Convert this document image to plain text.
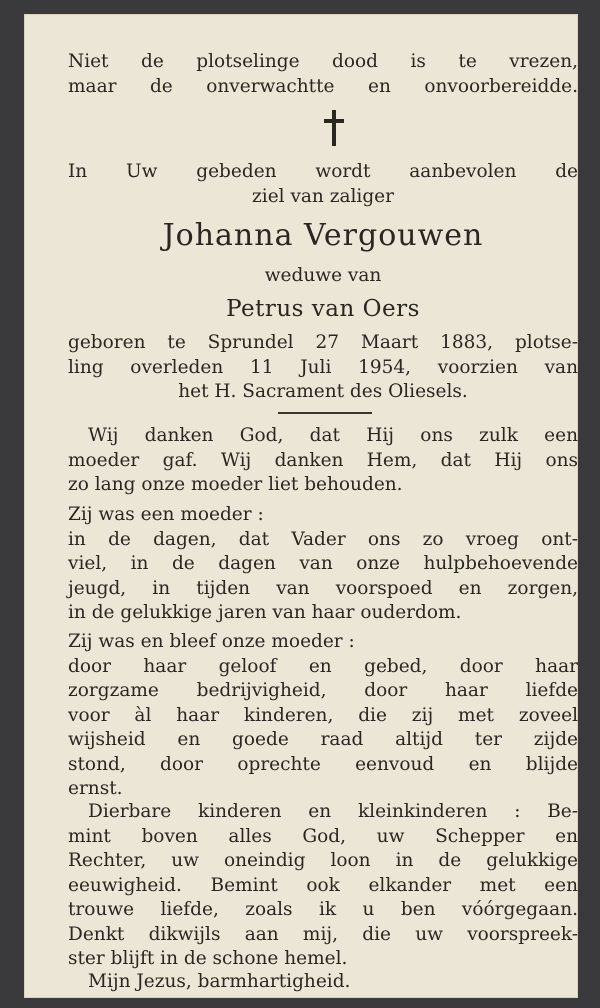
Niet de plotselinge dood is te vrezen,
maar de onverwachtte en onvoorbereidde.
In Uw gebeden wordt aanbevolen de
ziel van zaliger
Johanna Vergouwen
weduwe van
Petrus van Oers
geboren te Sprundel 27 Maart 1883, plotse-
ling overleden 11 Juli 1954, voorzien van
het H. Sacrament des Oliesels.
Wij danken God, dat Hij ons zulk een
moeder gaf. Wij danken Hem, dat Hij ons
zo lang onze moeder liet behouden.
Zij was een moeder :
in de dagen, dat Vader ons zo vroeg ont-
viel, in de dagen van onze hulpbehoevende
jeugd, in tijden van voorspoed en zorgen,
in de gelukkige jaren van haar ouderdom.
Zij was en bleef onze moeder :
door haar geloof en gebed, door haar
zorgzame bedrijvigheid, door haar liefde
voor àl haar kinderen, die zij met zoveel
wijsheid en goede raad altijd ter zijde
stond, door oprechte eenvoud en blijde
ernst.
Dierbare kinderen en kleinkinderen : Be-
mint boven alles God, uw Schepper en
Rechter, uw oneindig loon in de gelukkige
eeuwigheid. Bemint ook elkander met een
trouwe liefde, zoals ik u ben vóórgegaan.
Denkt dikwijls aan mij, die uw voorspreek-
ster blijft in de schone hemel.
Mijn Jezus, barmhartigheid.
